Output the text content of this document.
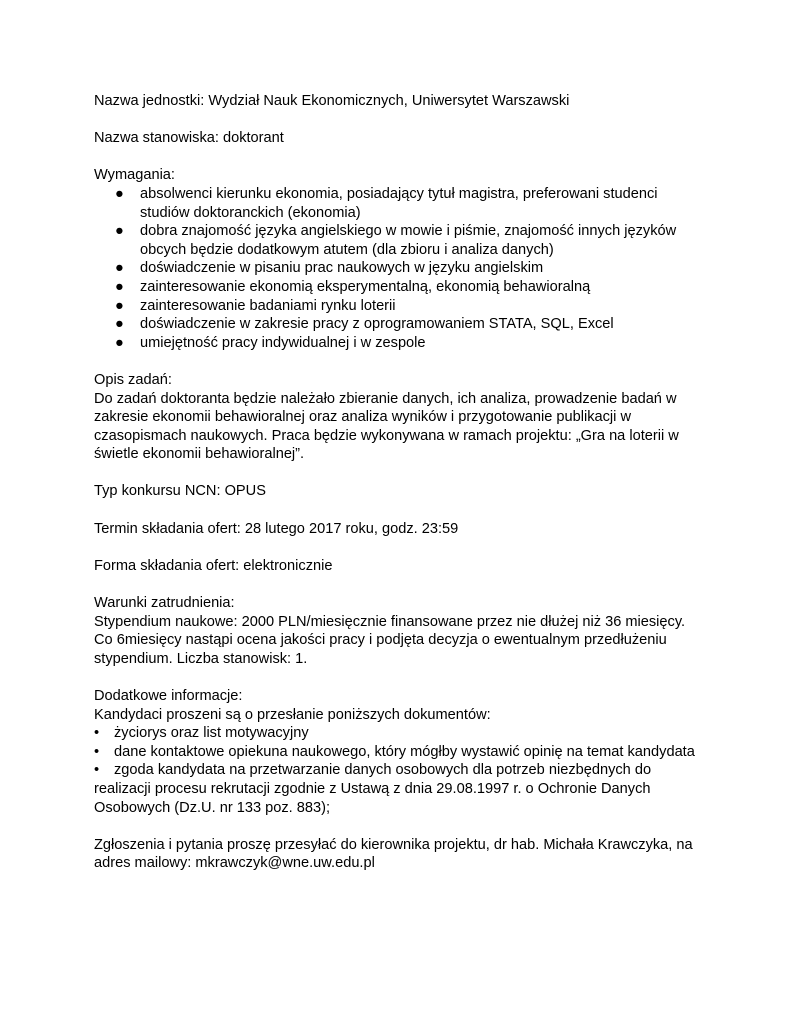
Nazwa jednostki: Wydział Nauk Ekonomicznych, Uniwersytet Warszawski

Nazwa stanowiska: doktorant

Wymagania:

● absolwenci kierunku ekonomia, posiadający tytuł magistra, preferowani studenci studiów doktoranckich (ekonomia)
● dobra znajomość języka angielskiego w mowie i piśmie, znajomość innych języków obcych będzie dodatkowym atutem (dla zbioru i analiza danych)
● doświadczenie w pisaniu prac naukowych w języku angielskim
● zainteresowanie ekonomią eksperymentalną, ekonomią behawioralną
● zainteresowanie badaniami rynku loterii
● doświadczenie w zakresie pracy z oprogramowaniem STATA, SQL, Excel
● umiejętność pracy indywidualnej i w zespole

Opis zadań:

Do zadań doktoranta będzie należało zbieranie danych, ich analiza, prowadzenie badań w zakresie ekonomii behawioralnej oraz analiza wyników i przygotowanie publikacji w czasopismach naukowych. Praca będzie wykonywana w ramach projektu: „Gra na loterii w świetle ekonomii behawioralnej”.

Typ konkursu NCN: OPUS

Termin składania ofert: 28 lutego 2017 roku, godz. 23:59

Forma składania ofert: elektronicznie

Warunki zatrudnienia:

Stypendium naukowe: 2000 PLN/miesięcznie finansowane przez nie dłużej niż 36 miesięcy. Co 6miesięcy nastąpi ocena jakości pracy i podjęta decyzja o ewentualnym przedłużeniu stypendium. Liczba stanowisk: 1.

Dodatkowe informacje:

Kandydaci proszeni są o przesłanie poniższych dokumentów:

• życiorys oraz list motywacyjny
• dane kontaktowe opiekuna naukowego, który mógłby wystawić opinię na temat kandydata
• zgoda kandydata na przetwarzanie danych osobowych dla potrzeb niezbędnych do realizacji procesu rekrutacji zgodnie z Ustawą z dnia 29.08.1997 r. o Ochronie Danych Osobowych (Dz.U. nr 133 poz. 883);

Zgłoszenia i pytania proszę przesyłać do kierownika projektu, dr hab. Michała Krawczyka, na adres mailowy: mkrawczyk@wne.uw.edu.pl
